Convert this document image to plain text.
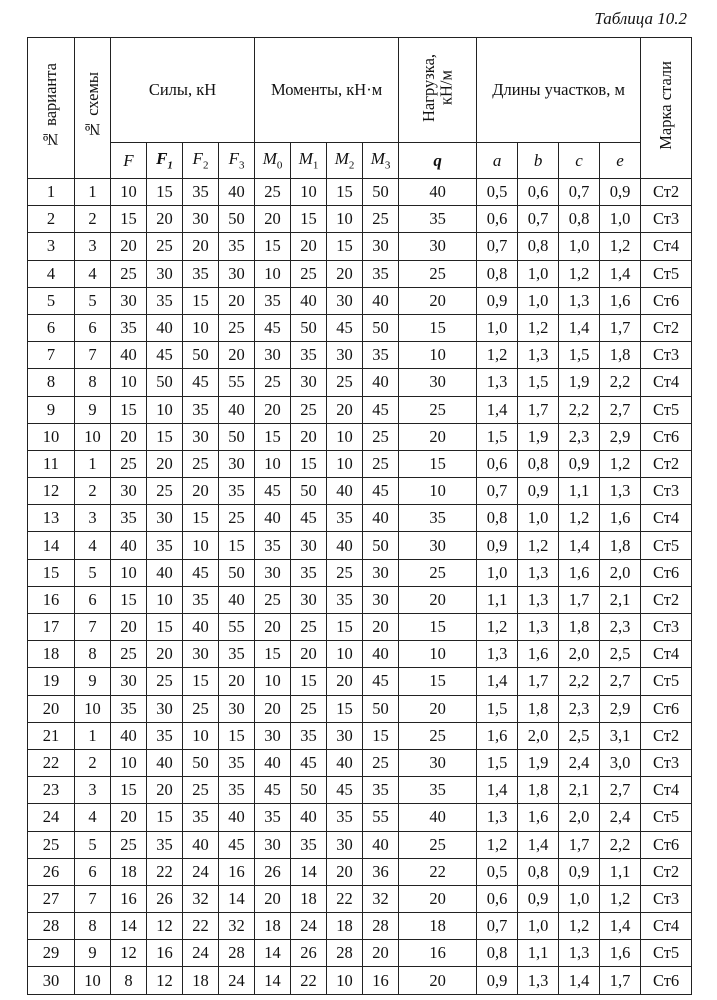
Таблица 10.2
№ варианта	№ схемы	Силы, кН				Моменты, кН·м				Нагрузка, кН/м	Длины участков, м				Марка стали
		F	$F_1$	$F_2$	$F_3$	$M_0$	$M_1$	$M_2$	$M_3$	q	a	b	c	e	
1	1	10	15	35	40	25	10	15	50	40	0,5	0,6	0,7	0,9	Ст2
2	2	15	20	30	50	20	15	10	25	35	0,6	0,7	0,8	1,0	Ст3
3	3	20	25	20	35	15	20	15	30	30	0,7	0,8	1,0	1,2	Ст4
4	4	25	30	35	30	10	25	20	35	25	0,8	1,0	1,2	1,4	Ст5
5	5	30	35	15	20	35	40	30	40	20	0,9	1,0	1,3	1,6	Ст6
6	6	35	40	10	25	45	50	45	50	15	1,0	1,2	1,4	1,7	Ст2
7	7	40	45	50	20	30	35	30	35	10	1,2	1,3	1,5	1,8	Ст3
8	8	10	50	45	55	25	30	25	40	30	1,3	1,5	1,9	2,2	Ст4
9	9	15	10	35	40	20	25	20	45	25	1,4	1,7	2,2	2,7	Ст5
10	10	20	15	30	50	15	20	10	25	20	1,5	1,9	2,3	2,9	Ст6
11	1	25	20	25	30	10	15	10	25	15	0,6	0,8	0,9	1,2	Ст2
12	2	30	25	20	35	45	50	40	45	10	0,7	0,9	1,1	1,3	Ст3
13	3	35	30	15	25	40	45	35	40	35	0,8	1,0	1,2	1,6	Ст4
14	4	40	35	10	15	35	30	40	50	30	0,9	1,2	1,4	1,8	Ст5
15	5	10	40	45	50	30	35	25	30	25	1,0	1,3	1,6	2,0	Ст6
16	6	15	10	35	40	25	30	35	30	20	1,1	1,3	1,7	2,1	Ст2
17	7	20	15	40	55	20	25	15	20	15	1,2	1,3	1,8	2,3	Ст3
18	8	25	20	30	35	15	20	10	40	10	1,3	1,6	2,0	2,5	Ст4
19	9	30	25	15	20	10	15	20	45	15	1,4	1,7	2,2	2,7	Ст5
20	10	35	30	25	30	20	25	15	50	20	1,5	1,8	2,3	2,9	Ст6
21	1	40	35	10	15	30	35	30	15	25	1,6	2,0	2,5	3,1	Ст2
22	2	10	40	50	35	40	45	40	25	30	1,5	1,9	2,4	3,0	Ст3
23	3	15	20	25	35	45	50	45	35	35	1,4	1,8	2,1	2,7	Ст4
24	4	20	15	35	40	35	40	35	55	40	1,3	1,6	2,0	2,4	Ст5
25	5	25	35	40	45	30	35	30	40	25	1,2	1,4	1,7	2,2	Ст6
26	6	18	22	24	16	26	14	20	36	22	0,5	0,8	0,9	1,1	Ст2
27	7	16	26	32	14	20	18	22	32	20	0,6	0,9	1,0	1,2	Ст3
28	8	14	12	22	32	18	24	18	28	18	0,7	1,0	1,2	1,4	Ст4
29	9	12	16	24	28	14	26	28	20	16	0,8	1,1	1,3	1,6	Ст5
30	10	8	12	18	24	14	22	10	16	20	0,9	1,3	1,4	1,7	Ст6
